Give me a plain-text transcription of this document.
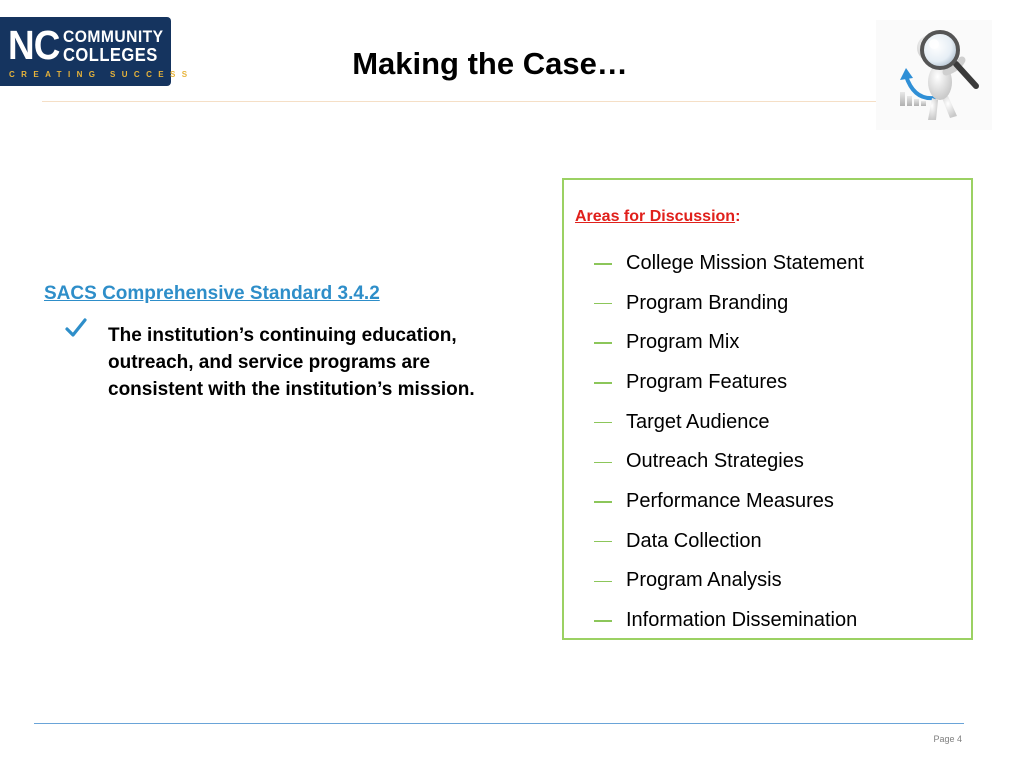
NC COMMUNITY
COLLEGES
CREATING SUCCESS	Making the Case…
SACS Comprehensive Standard 3.4.2
The institution’s continuing education, outreach, and service programs are consistent with the institution’s mission.
Areas for Discussion:
College Mission Statement
Program Branding
Program Mix
Program Features
Target Audience
Outreach Strategies
Performance Measures
Data Collection
Program Analysis
Information Dissemination
Page 4
